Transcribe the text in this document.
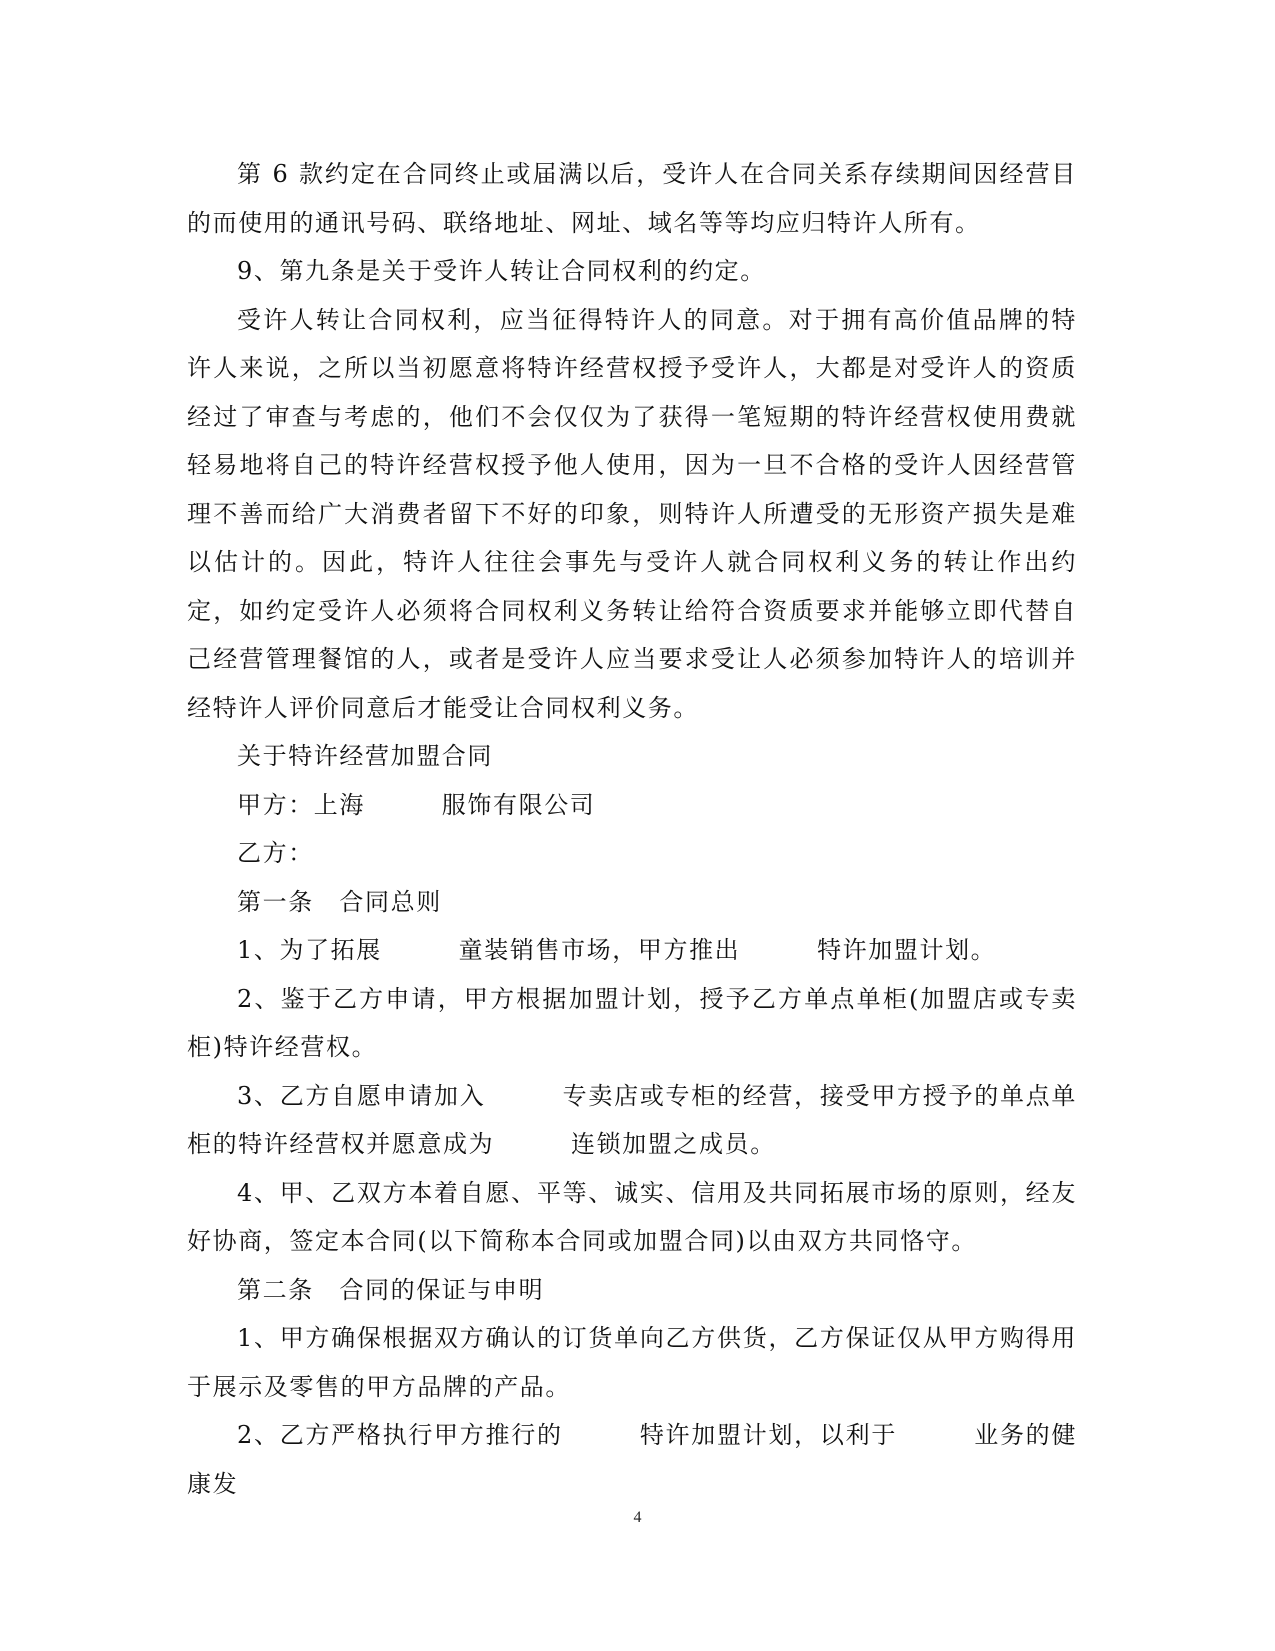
第 6 款约定在合同终止或届满以后，受许人在合同关系存续期间因经营目的而使用的通讯号码、联络地址、网址、域名等等均应归特许人所有。

9、第九条是关于受许人转让合同权利的约定。

受许人转让合同权利，应当征得特许人的同意。对于拥有高价值品牌的特许人来说，之所以当初愿意将特许经营权授予受许人，大都是对受许人的资质经过了审查与考虑的，他们不会仅仅为了获得一笔短期的特许经营权使用费就轻易地将自己的特许经营权授予他人使用，因为一旦不合格的受许人因经营管理不善而给广大消费者留下不好的印象，则特许人所遭受的无形资产损失是难以估计的。因此，特许人往往会事先与受许人就合同权利义务的转让作出约定，如约定受许人必须将合同权利义务转让给符合资质要求并能够立即代替自己经营管理餐馆的人，或者是受许人应当要求受让人必须参加特许人的培训并经特许人评价同意后才能受让合同权利义务。

关于特许经营加盟合同

甲方：上海　　　服饰有限公司

乙方：

第一条　合同总则

1、为了拓展　　　童装销售市场，甲方推出　　　特许加盟计划。

2、鉴于乙方申请，甲方根据加盟计划，授予乙方单点单柜(加盟店或专卖柜)特许经营权。

3、乙方自愿申请加入　　　专卖店或专柜的经营，接受甲方授予的单点单柜的特许经营权并愿意成为　　　连锁加盟之成员。

4、甲、乙双方本着自愿、平等、诚实、信用及共同拓展市场的原则，经友好协商，签定本合同(以下简称本合同或加盟合同)以由双方共同恪守。

第二条　合同的保证与申明

1、甲方确保根据双方确认的订货单向乙方供货，乙方保证仅从甲方购得用于展示及零售的甲方品牌的产品。

2、乙方严格执行甲方推行的　　　特许加盟计划，以利于　　　业务的健康发

4
